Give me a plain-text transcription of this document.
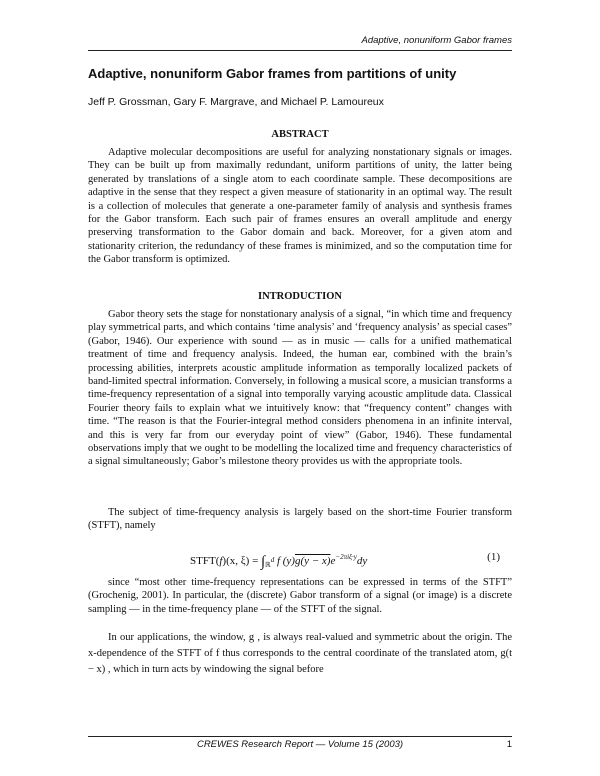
Adaptive, nonuniform Gabor frames
Adaptive, nonuniform Gabor frames from partitions of unity
Jeff P. Grossman, Gary F. Margrave, and Michael P. Lamoureux
ABSTRACT

Adaptive molecular decompositions are useful for analyzing nonstationary signals or images. They can be built up from maximally redundant, uniform partitions of unity, the latter being generated by translations of a single atom to each coordinate sample. These decompositions are adaptive in the sense that they respect a given measure of stationarity in an optimal way. The result is a collection of molecules that generate a one-parameter family of analysis and synthesis frames for the Gabor transform. Each such pair of frames ensures an overall amplitude and energy preserving transformation to the Gabor domain and back. Moreover, for a given atom and stationarity criterion, the redundancy of these frames is minimized, and so the computation time for the Gabor transform is optimized.

INTRODUCTION

Gabor theory sets the stage for nonstationary analysis of a signal, “in which time and frequency play symmetrical parts, and which contains ‘time analysis’ and ‘frequency analysis’ as special cases” (Gabor, 1946). Our experience with sound — as in music — calls for a unified mathematical treatment of time and frequency analysis. Indeed, the human ear, combined with the brain’s processing abilities, interprets acoustic amplitude information as temporally localized packets of band-limited spectral information. Conversely, in following a musical score, a musician transforms a time-frequency representation of a signal into temporally varying acoustic amplitude data. Classical Fourier theory fails to explain what we intuitively know: that “frequency content” changes with time. “The reason is that the Fourier-integral method considers phenomena in an infinite interval, and this is very far from our everyday point of view” (Gabor, 1946). These fundamental observations imply that we ought to be modelling the localized time and frequency characteristics of a signal simultaneously; Gabor’s milestone theory provides us with the appropriate tools.

The subject of time-frequency analysis is largely based on the short-time Fourier transform (STFT), namely

STFT(f)(x, $\xi) = \int_{ℝ^d}$ f $(y)g(y - x)e^{-2\pi i\xi\cdot y}dy$	(1)

since “most other time-frequency representations can be expressed in terms of the STFT” (Grochenig, 2001). In particular, the (discrete) Gabor transform of a signal (or image) is a discrete sampling — in the time-frequency plane — of the STFT of the signal.

In our applications, the window, g , is always real-valued and symmetric about the origin. The x-dependence of the STFT of f thus corresponds to the central coordinate of the translated atom, g(t − x) , which in turn acts by windowing the signal before

CREWES Research Report — Volume 15 (2003)	1
